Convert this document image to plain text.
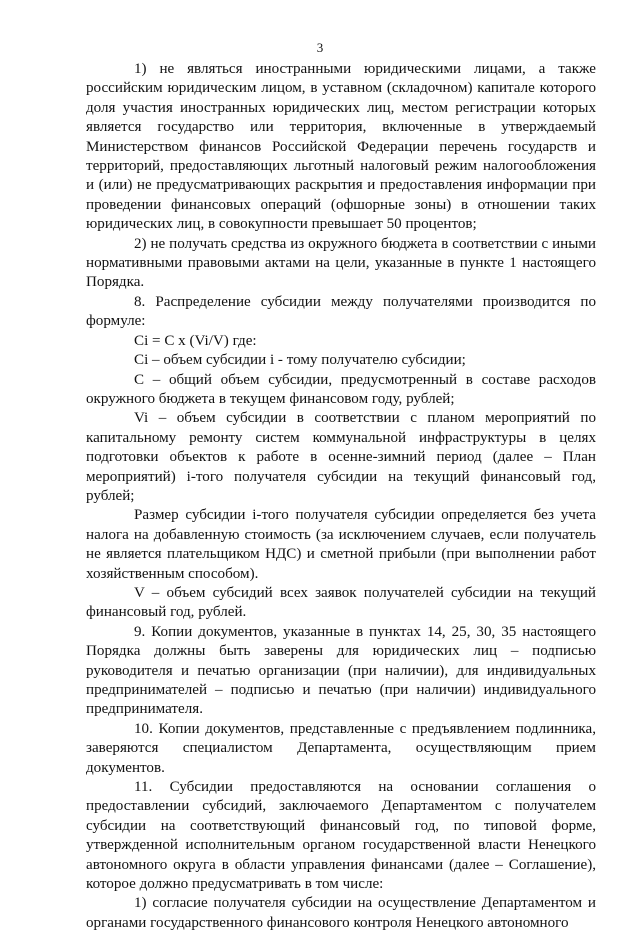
3

1) не являться иностранными юридическими лицами, а также российским юридическим лицом, в уставном (складочном) капитале которого доля участия иностранных юридических лиц, местом регистрации которых является государство или территория, включенные в утверждаемый Министерством финансов Российской Федерации перечень государств и территорий, предоставляющих льготный налоговый режим налогообложения и (или) не предусматривающих раскрытия и предоставления информации при проведении финансовых операций (офшорные зоны) в отношении таких юридических лиц, в совокупности превышает 50 процентов;

2) не получать средства из окружного бюджета в соответствии с иными нормативными правовыми актами на цели, указанные в пункте 1 настоящего Порядка.

8. Распределение субсидии между получателями производится по формуле:

Ci = С х (Vi/V) где:

Ci – объем субсидии i - тому получателю субсидии;

С – общий объем субсидии, предусмотренный в составе расходов окружного бюджета в текущем финансовом году, рублей;

Vi – объем субсидии в соответствии с планом мероприятий по капитальному ремонту систем коммунальной инфраструктуры в целях подготовки объектов к работе в осенне-зимний период (далее – План мероприятий) i-того получателя субсидии на текущий финансовый год, рублей;

Размер субсидии i-того получателя субсидии определяется без учета налога на добавленную стоимость (за исключением случаев, если получатель не является плательщиком НДС) и сметной прибыли (при выполнении работ хозяйственным способом).

V – объем субсидий всех заявок получателей субсидии на текущий финансовый год, рублей.

9. Копии документов, указанные в пунктах 14, 25, 30, 35 настоящего Порядка должны быть заверены для юридических лиц – подписью руководителя и печатью организации (при наличии), для индивидуальных предпринимателей – подписью и печатью (при наличии) индивидуального предпринимателя.

10. Копии документов, представленные с предъявлением подлинника, заверяются специалистом Департамента, осуществляющим прием документов.

11. Субсидии предоставляются на основании соглашения о предоставлении субсидий, заключаемого Департаментом с получателем субсидии на соответствующий финансовый год, по типовой форме, утвержденной исполнительным органом государственной власти Ненецкого автономного округа в области управления финансами (далее – Соглашение), которое должно предусматривать в том числе:

1) согласие получателя субсидии на осуществление Департаментом и органами государственного финансового контроля Ненецкого автономного
